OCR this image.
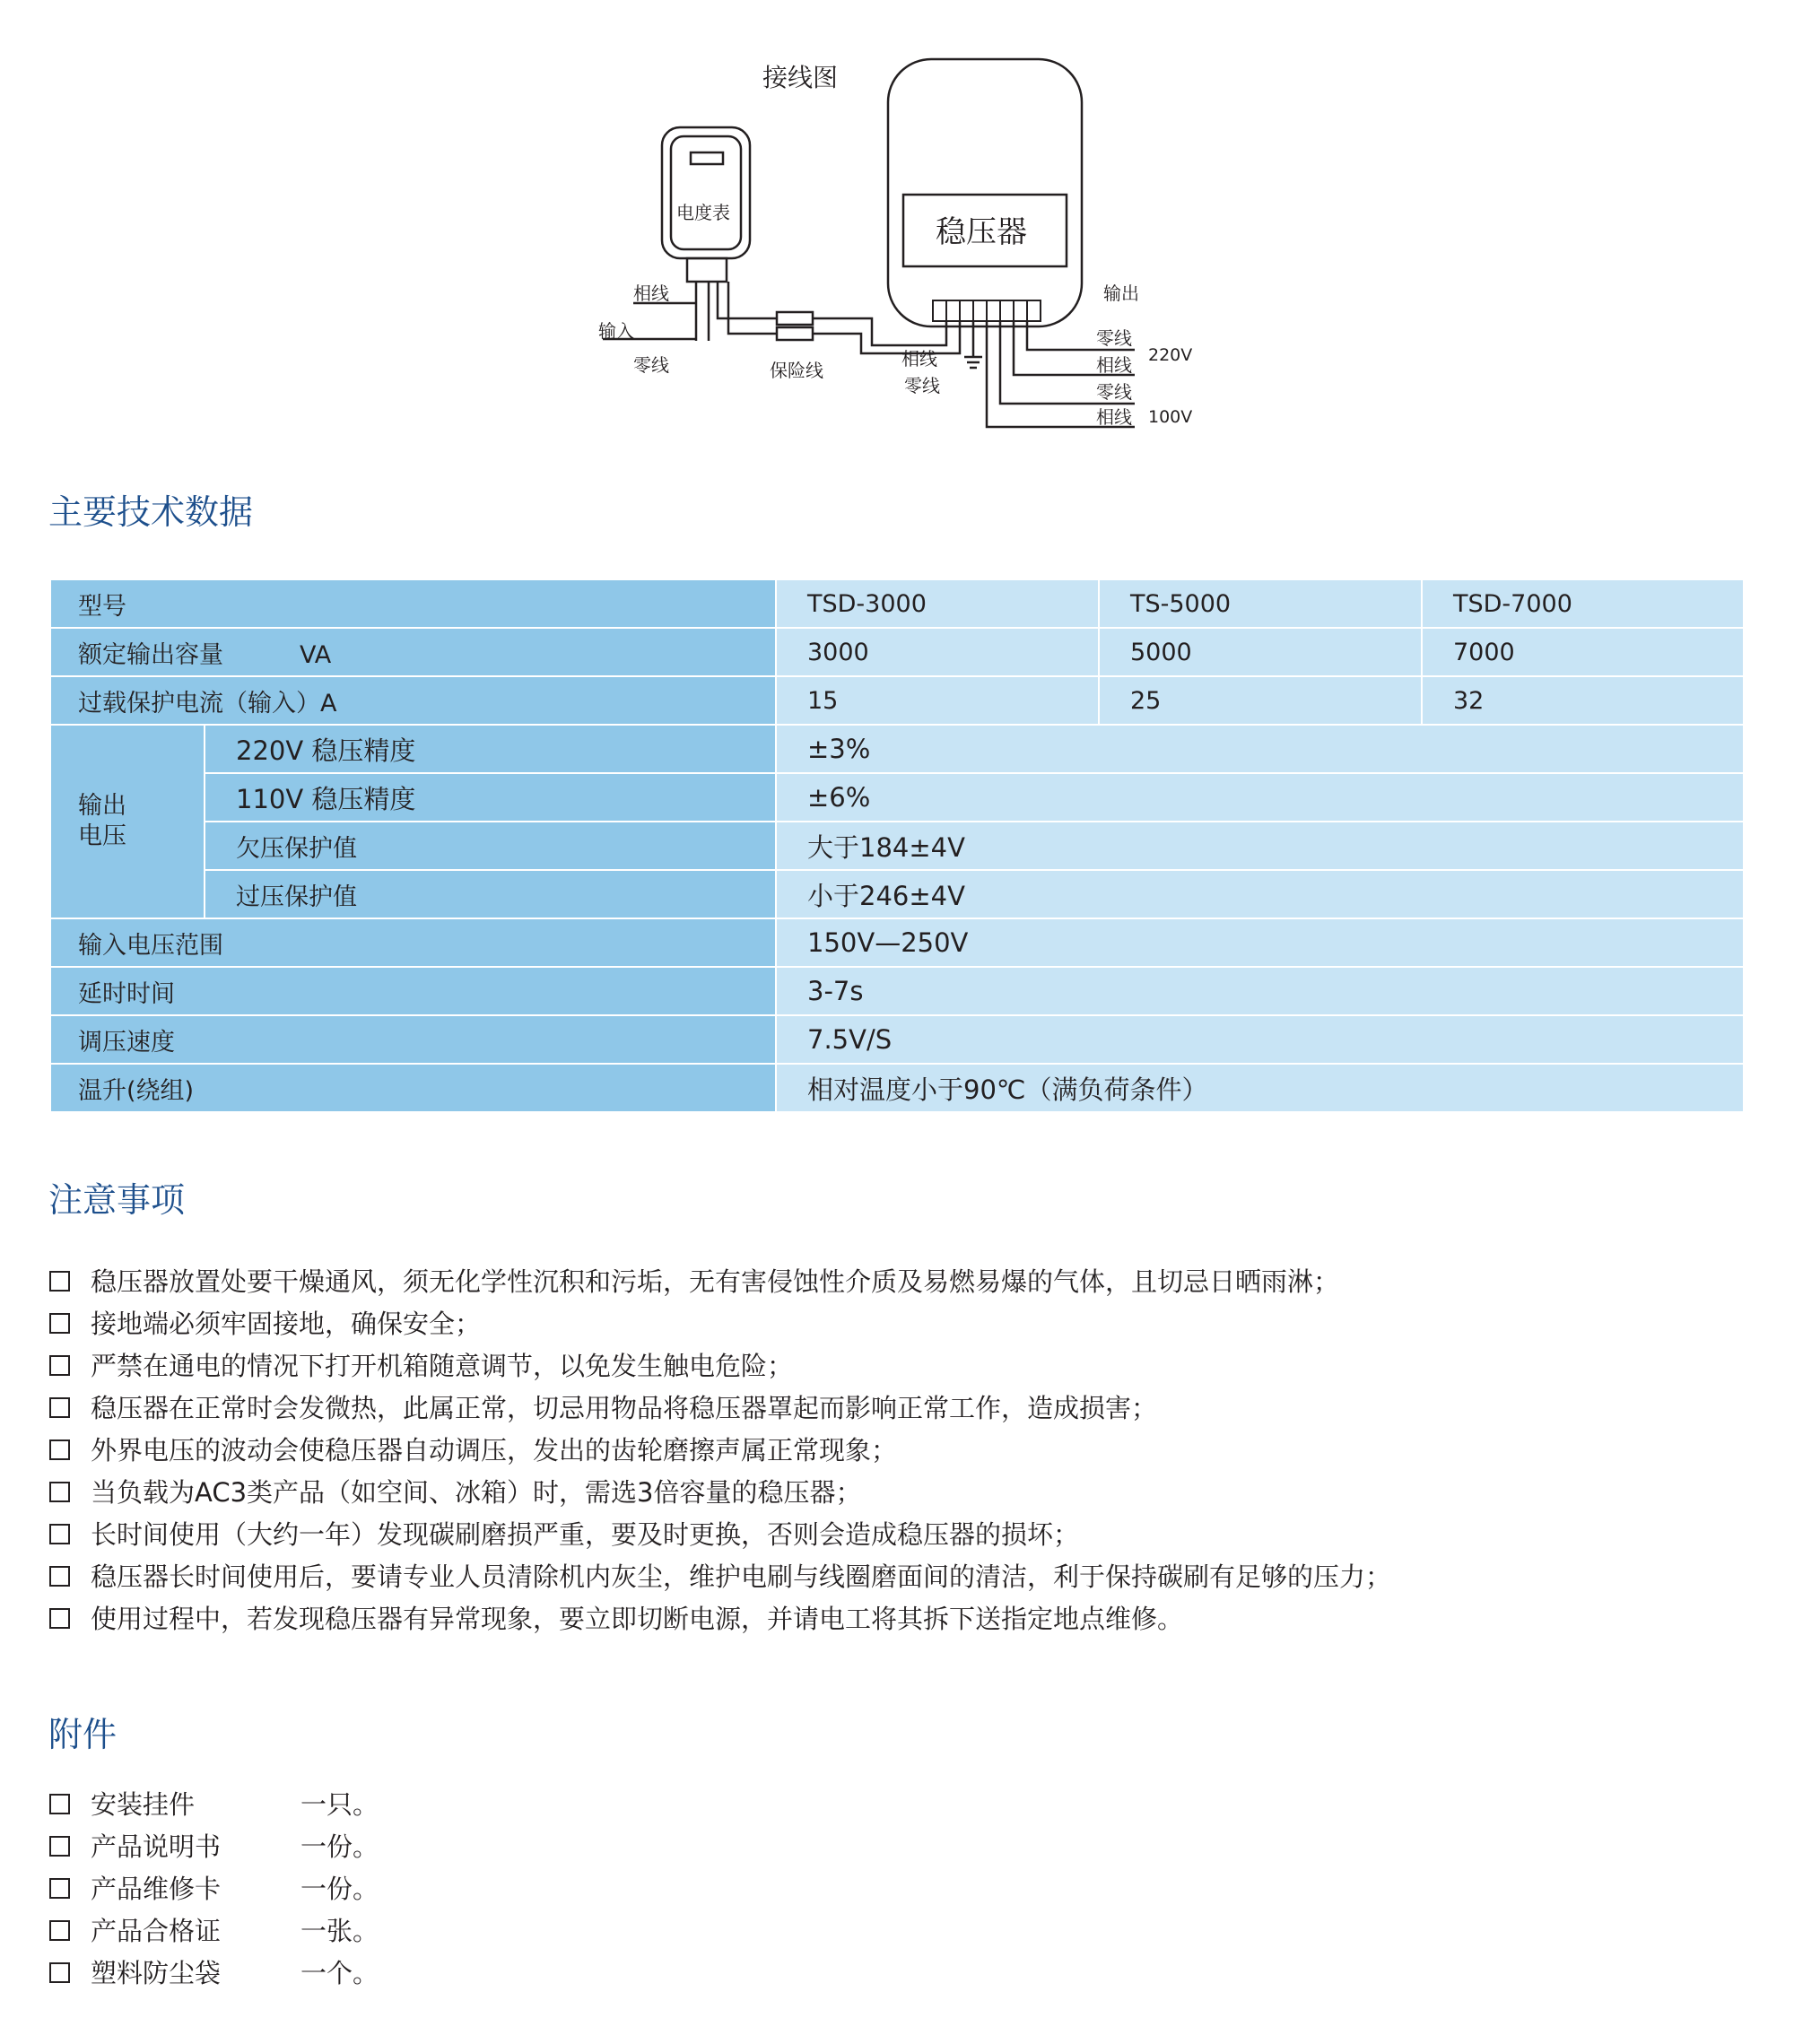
接线图
电度表
稳压器
相线
输入
零线	保险线
相线
零线
输出
零线
相线
零线
相线
220V
100V
主要技术数据
型号		TSD-3000	TS-5000	TSD-7000
额定输出容量 VA		3000	5000	7000
过载保护电流（输入）A		15	25	32
输出
电压	220V 稳压精度	±3%		
	110V 稳压精度	±6%		
	欠压保护值	大于184±4V		
	过压保护值	小于246±4V		
输入电压范围		150V—250V		
延时时间		3-7s		
调压速度		7.5V/S		
温升(绕组)		相对温度小于90℃（满负荷条件）		
注意事项
稳压器放置处要干燥通风，须无化学性沉积和污垢，无有害侵蚀性介质及易燃易爆的气体，且切忌日晒雨淋；
接地端必须牢固接地，确保安全；
严禁在通电的情况下打开机箱随意调节，以免发生触电危险；
稳压器在正常时会发微热，此属正常，切忌用物品将稳压器罩起而影响正常工作，造成损害；
外界电压的波动会使稳压器自动调压，发出的齿轮磨擦声属正常现象；
当负载为AC3类产品（如空间、冰箱）时，需选3倍容量的稳压器；
长时间使用（大约一年）发现碳刷磨损严重，要及时更换，否则会造成稳压器的损坏；
稳压器长时间使用后，要请专业人员清除机内灰尘，维护电刷与线圈磨面间的清洁，利于保持碳刷有足够的压力；
使用过程中，若发现稳压器有异常现象，要立即切断电源，并请电工将其拆下送指定地点维修。
附件
安装挂件	一只。
产品说明书	一份。
产品维修卡	一份。
产品合格证	一张。
塑料防尘袋	一个。
